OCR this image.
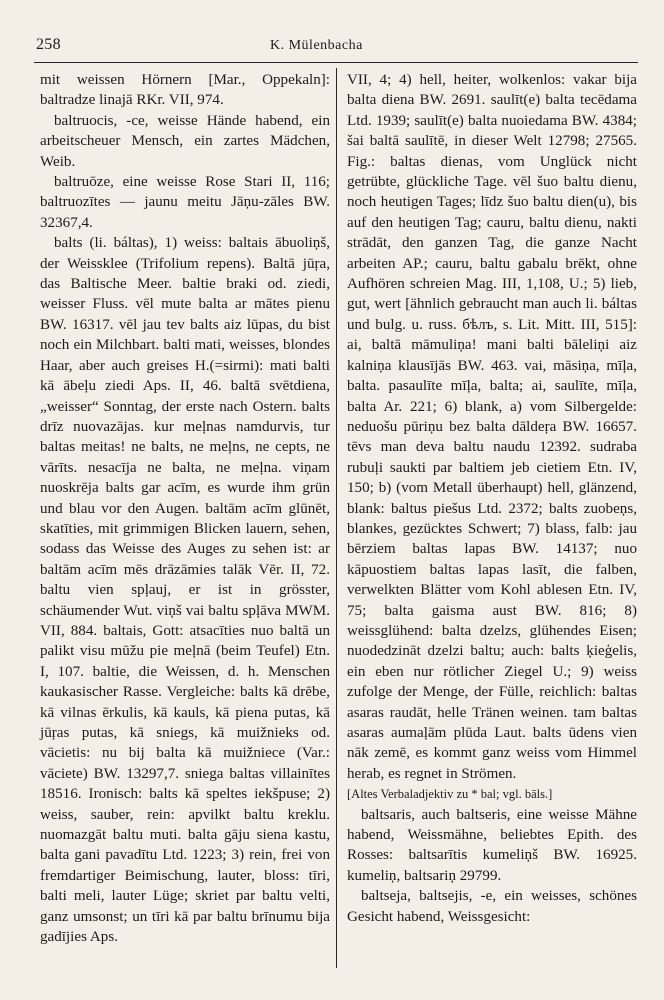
258	K. Mülenbacha

mit weissen Hörnern [Mar., Oppekaln]: baltradze linajā RKr. VII, 974.

baltruocis, -ce, weisse Hände habend, ein arbeitscheuer Mensch, ein zartes Mädchen, Weib.

baltruōze, eine weisse Rose Stari II, 116; baltruozītes — jaunu meitu Jāņu-zāles BW. 32367,4.

balts (li. báltas), 1) weiss: baltais ābuoliņš, der Weissklee (Trifolium repens). Baltā jūŗa, das Baltische Meer. baltie braki od. ziedi, weisser Fluss. vēl mute balta ar mātes pienu BW. 16317. vēl jau tev balts aiz lūpas, du bist noch ein Milchbart. balti mati, weisses, blondes Haar, aber auch greises H.(=sirmi): mati balti kā ābeļu ziedi Aps. II, 46. baltā svētdiena, „weisser“ Sonntag, der erste nach Ostern. balts drīz nuovazājas. kur meļnas namdurvis, tur baltas meitas! ne balts, ne meļns, ne cepts, ne vārīts. nesacīja ne balta, ne meļna. viņam nuoskrēja balts gar acīm, es wurde ihm grün und blau vor den Augen. baltām acīm glūnēt, skatīties, mit grimmigen Blicken lauern, sehen, sodass das Weisse des Auges zu sehen ist: ar baltām acīm mēs drāzāmies talāk Vēr. II, 72. baltu vien spļauj, er ist in grösster, schäumender Wut. viņš vai baltu spļāva MWM. VII, 884. baltais, Gott: atsacīties nuo baltā un palikt visu mūžu pie meļnā (beim Teufel) Etn. I, 107. baltie, die Weissen, d. h. Menschen kaukasischer Rasse. Vergleiche: balts kā drēbe, kā vilnas ērkulis, kā kauls, kā piena putas, kā jūŗas putas, kā sniegs, kā muižnieks od. vācietis: nu bij balta kā muižniece (Var.: vāciete) BW. 13297,7. sniega baltas villainītes 18516. Ironisch: balts kā speltes iekšpuse; 2) weiss, sauber, rein: apvilkt baltu kreklu. nuomazgāt baltu muti. balta gāju siena kastu, balta gani pavadītu Ltd. 1223; 3) rein, frei von fremdartiger Beimischung, lauter, bloss: tīri, balti meli, lauter Lüge; skriet par baltu velti, ganz umsonst; un tīri kā par baltu brīnumu bija gadījies Aps.

VII, 4; 4) hell, heiter, wolkenlos: vakar bija balta diena BW. 2691. saulīt(e) balta tecēdama Ltd. 1939; saulīt(e) balta nuoiedama BW. 4384; šai baltā saulītē, in dieser Welt 12798; 27565. Fig.: baltas dienas, vom Unglück nicht getrübte, glückliche Tage. vēl šuo baltu dienu, noch heutigen Tages; līdz šuo baltu dien(u), bis auf den heutigen Tag; cauru, baltu dienu, nakti strādāt, den ganzen Tag, die ganze Nacht arbeiten AP.; cauru, baltu gabalu brēkt, ohne Aufhören schreien Mag. III, 1,108, U.; 5) lieb, gut, wert [ähnlich gebraucht man auch li. báltas und bulg. u. russ. бѣлъ, s. Lit. Mitt. III, 515]: ai, baltā māmuliņa! mani balti bāleliņi aiz kalniņa klausījās BW. 463. vai, māsiņa, mīļa, balta. pasaulīte mīļa, balta; ai, saulīte, mīļa, balta Ar. 221; 6) blank, a) vom Silbergelde: neduošu pūriņu bez balta dāldeŗa BW. 16657. tēvs man deva baltu naudu 12392. sudraba rubuļi saukti par baltiem jeb cietiem Etn. IV, 150; b) (vom Metall überhaupt) hell, glänzend, blank: baltus piešus Ltd. 2372; balts zuobeņs, blankes, gezücktes Schwert; 7) blass, falb: jau bērziem baltas lapas BW. 14137; nuo kāpuostiem baltas lapas lasīt, die falben, verwelkten Blätter vom Kohl ablesen Etn. IV, 75; balta gaisma aust BW. 816; 8) weissglühend: balta dzelzs, glühendes Eisen; nuodedzināt dzelzi baltu; auch: balts ķieģelis, ein eben nur rötlicher Ziegel U.; 9) weiss zufolge der Menge, der Fülle, reichlich: baltas asaras raudāt, helle Tränen weinen. tam baltas asaras aumaļām plūda Laut. balts ūdens vien nāk zemē, es kommt ganz weiss vom Himmel herab, es regnet in Strömen.

[Altes Verbaladjektiv zu * bal; vgl. bāls.]

baltsaris, auch baltseris, eine weisse Mähne habend, Weissmähne, beliebtes Epith. des Rosses: baltsarītis kumeliņš BW. 16925. kumeliņ, baltsariņ 29799.

baltseja, baltsejis, -e, ein weisses, schönes Gesicht habend, Weissgesicht:
